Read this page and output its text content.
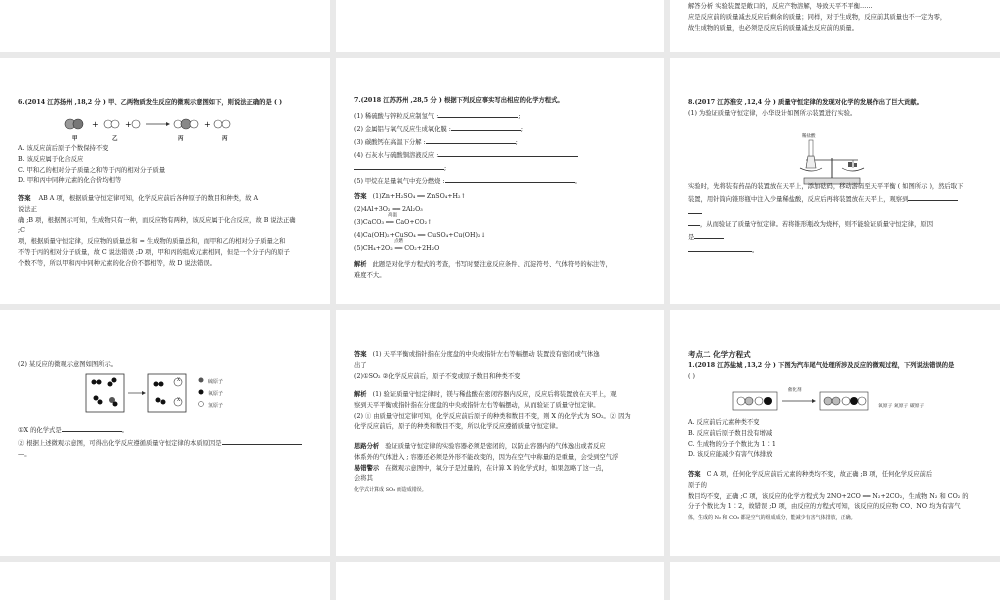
解答分析 实验装置是敞口的，反应产物溶解，导致天平不平衡……

应是反应前的质量减去反应后剩余的质量；同样，对于生成物，反应前其质量也不一定为零，

故生成物的质量，也必须是反应后的质量减去反应前的质量。

6.(2014 江苏扬州 ,18,2 分 ) 甲、乙两物质发生反应的微观示意图如下，则说法正确的是 ( )

+	+	+
甲	乙	丙	丙

A. 该反应前后原子个数保持不变

B. 该反应属于化合反应

C. 甲和乙的相对分子质量之和等于丙的相对分子质量

D. 甲和丙中同种元素的化合价均相等

答案 AB A 项，根据质量守恒定律可知，化学反应前后各种原子的数目和种类，故 A

说法正

确 ;B 项，根据图示可知，生成物只有一种，而反应物有两种，该反应属于化合反应，故 B 说法正确

;C

项，根据质量守恒定律，反应物的质量总和 = 生成物的质量总和，而甲和乙的相对分子质量之和

不等于丙的相对分子质量，故 C 说法错误 ;D 项，甲和丙的组成元素相同，但是一个分子内的原子

个数不等，所以甲和丙中同种元素的化合价不都相等，故 D 说法错误。

7.(2018 江苏苏州 ,28,5 分 ) 根据下列反应事实写出相应的化学方程式。

(1) 稀硫酸与锌粒反应制氢气 :	;

(2) 金属铝与氧气反应生成氧化膜 :	;

(3) 碳酸钙在高温下分解 :	;

(4) 石灰水与硫酸铜溶液反应 :

;

(5) 甲烷在足量氧气中充分燃烧 :	。

答案 (1)Zn+H₂SO₄ ══ ZnSO₄+H₂↑

(2)4Al+3O₂ ══ 2Al₂O₃

(3)CaCO₃ ══ CaO+CO₂↑

(4)Ca(OH)₂+CuSO₄ ══ CuSO₄+Cu(OH)₂↓

(5)CH₄+2O₂ ══ CO₂+2H₂O

高温
点燃

解析 此题是对化学方程式的考查，书写时要注意反应条件、沉淀符号、气体符号的标注等，

难度不大。

8.(2017 江苏淮安 ,12,4 分 ) 质量守恒定律的发现对化学的发展作出了巨大贡献。

(1) 为验证质量守恒定律，小华设计如图所示装置进行实验。

稀盐酸

实验时，先将装有药品的装置放在天平上，添加砝码，移动游码至天平平衡 ( 如图所示 )，然后取下

装置，用针筒向锥形瓶中注入少量稀盐酸，反应后再将装置放在天平上，观察到

，从而验证了质量守恒定律。若将锥形瓶改为烧杯，则不能验证质量守恒定律，原因

是

。

(2) 某反应的微观示意图如图所示。

X
X

硫原子

氧原子

氢原子

①X 的化学式是	。

② 根据上述微观示意图，可得出化学反应遵循质量守恒定律的本质原因是

—。

答案 (1) 天平平衡或指针指在分度盘的中央或指针左右等幅摆动 装置没有密闭或气体逸

出了

(2)①SO₂ ②化学反应前后，原子不变或原子数目和种类不变

解析 (1) 验证质量守恒定律时，镁与稀盐酸在密闭容器内反应，反应后将装置放在天平上，观

察到天平平衡或指针指在分度盘的中央或指针左右等幅摆动，从而验证了质量守恒定律。

(2) ① 由质量守恒定律可知，化学反应前后原子的种类和数目不变，则 X 的化学式为 SO₂。② 因为

化学反应前后，原子的种类和数目不变，所以化学反应遵循质量守恒定律。

思路分析 验证质量守恒定律的实验容器必须是密闭的，以防止容器内的气体逸出或者反应

体系外的气体进入 ; 容器还必须是外形不能改变的，因为在空气中称量的是重量，会受到空气浮

易错警示 在微观示意图中，氧分子是过量的，在计算 X 的化学式时，如果忽略了这一点，

会将其

化学式计算成 SO₃ 而造成错误。

考点二 化学方程式

1.(2018 江苏盐城 ,13,2 分 ) 下图为汽车尾气处理所涉及反应的微观过程，下列说法错误的是

( )

催化剂
氧原子 氮原子 碳原子

A. 反应前后元素种类不变

B. 反应前后原子数目没有增减

C. 生成物的分子个数比为 1∶1

D. 该反应能减少有害气体排放

答案 C A 项，任何化学反应前后元素的种类均不变，故正确 ;B 项，任何化学反应前后

原子的

数目均不变，正确 ;C 项，该反应的化学方程式为 2NO+2CO ══ N₂+2CO₂，生成物 N₂ 和 CO₂ 的

分子个数比为 1∶2，故错误 ;D 项，由反应的方程式可知，该反应的反应物 CO、NO 均为有害气

体，生成的 N₂ 和 CO₂ 都是空气的组成成分，能减少有害气体排放，正确。
